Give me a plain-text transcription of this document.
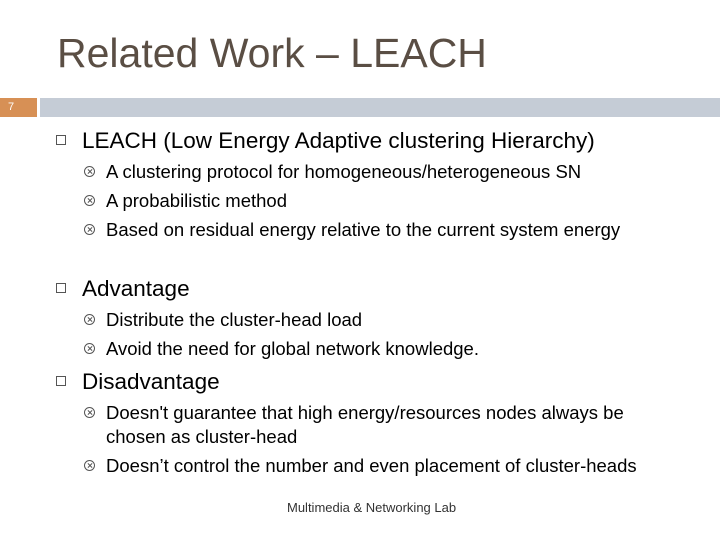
Related Work – LEACH
7
LEACH (Low Energy Adaptive clustering Hierarchy)
A clustering protocol for homogeneous/heterogeneous SN
A probabilistic method
Based on residual energy relative to the current system energy
Advantage
Distribute the cluster-head load
Avoid the need for global network knowledge.
Disadvantage
Doesn't guarantee that high energy/resources nodes always be chosen as cluster-head
Doesn’t control the number and even placement of cluster-heads
Multimedia & Networking Lab
